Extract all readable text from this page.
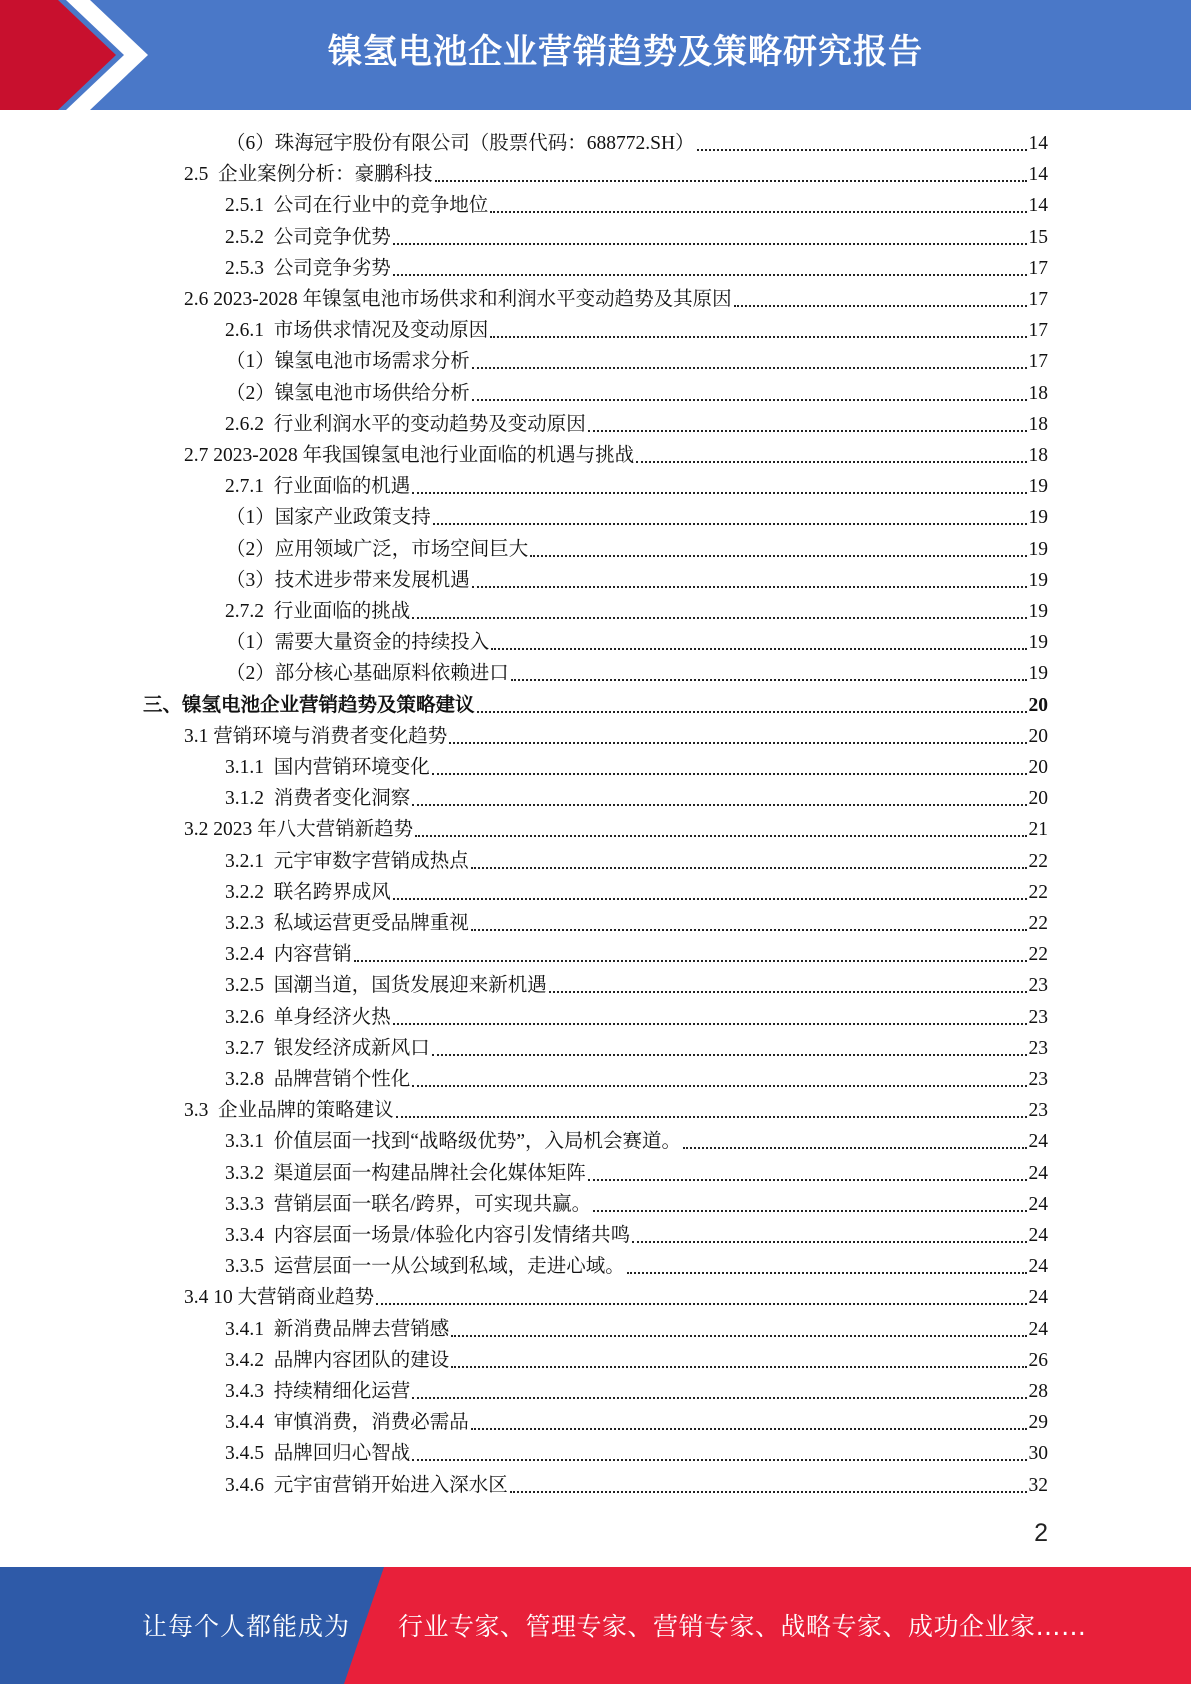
镍氢电池企业营销趋势及策略研究报告
（6）珠海冠宇股份有限公司（股票代码：688772.SH）	14
2.5  企业案例分析：豪鹏科技	14
2.5.1  公司在行业中的竞争地位	14
2.5.2  公司竞争优势	15
2.5.3  公司竞争劣势	17
2.6 2023-2028 年镍氢电池市场供求和利润水平变动趋势及其原因	17
2.6.1  市场供求情况及变动原因	17
（1）镍氢电池市场需求分析	17
（2）镍氢电池市场供给分析	18
2.6.2  行业利润水平的变动趋势及变动原因	18
2.7 2023-2028 年我国镍氢电池行业面临的机遇与挑战	18
2.7.1  行业面临的机遇	19
（1）国家产业政策支持	19
（2）应用领域广泛，市场空间巨大	19
（3）技术进步带来发展机遇	19
2.7.2  行业面临的挑战	19
（1）需要大量资金的持续投入	19
（2）部分核心基础原料依赖进口	19
三、镍氢电池企业营销趋势及策略建议	20
3.1 营销环境与消费者变化趋势	20
3.1.1  国内营销环境变化	20
3.1.2  消费者变化洞察	20
3.2 2023 年八大营销新趋势	21
3.2.1  元宇审数字营销成热点	22
3.2.2  联名跨界成风	22
3.2.3  私域运营更受品牌重视	22
3.2.4  内容营销	22
3.2.5  国潮当道，国货发展迎来新机遇	23
3.2.6  单身经济火热	23
3.2.7  银发经济成新风口	23
3.2.8  品牌营销个性化	23
3.3  企业品牌的策略建议	23
3.3.1  价值层面一找到“战略级优势”，入局机会赛道。	24
3.3.2  渠道层面一构建品牌社会化媒体矩阵	24
3.3.3  营销层面一联名/跨界，可实现共赢。	24
3.3.4  内容层面一场景/体验化内容引发情绪共鸣	24
3.3.5  运营层面一一从公域到私域，走进心域。	24
3.4 10 大营销商业趋势	24
3.4.1  新消费品牌去营销感	24
3.4.2  品牌内容团队的建设	26
3.4.3  持续精细化运营	28
3.4.4  审慎消费，消费必需品	29
3.4.5  品牌回归心智战	30
3.4.6  元宇宙营销开始进入深水区	32
2
让每个人都能成为 行业专家、管理专家、营销专家、战略专家、成功企业家……
